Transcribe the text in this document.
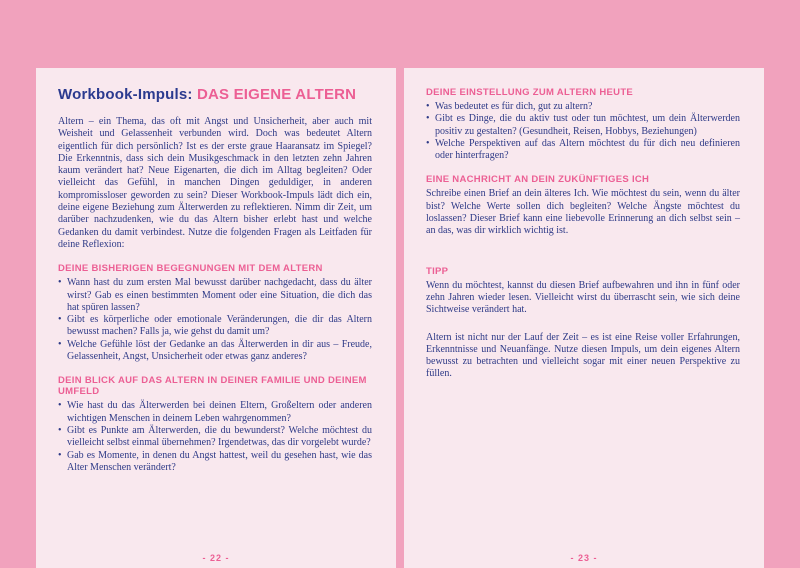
Workbook-Impuls: DAS EIGENE ALTERN

Altern – ein Thema, das oft mit Angst und Unsicherheit, aber auch mit Weisheit und Gelassenheit verbunden wird. Doch was bedeutet Altern eigentlich für dich persönlich? Ist es der erste graue Haaransatz im Spiegel? Die Erkenntnis, dass sich dein Musikgeschmack in den letzten zehn Jahren kaum verändert hat? Neue Eigenarten, die dich im Alltag begleiten? Oder vielleicht das Gefühl, in manchen Dingen geduldiger, in anderen kompromissloser geworden zu sein? Dieser Workbook-Impuls lädt dich ein, deine eigene Beziehung zum Älterwerden zu reflektieren. Nimm dir Zeit, um darüber nachzudenken, wie du das Altern bisher erlebt hast und welche Gedanken du damit verbindest. Nutze die folgenden Fragen als Leitfaden für deine Reflexion:

DEINE BISHERIGEN BEGEGNUNGEN MIT DEM ALTERN
• Wann hast du zum ersten Mal bewusst darüber nachgedacht, dass du älter wirst? Gab es einen bestimmten Moment oder eine Situation, die dich das hat spüren lassen?
• Gibt es körperliche oder emotionale Veränderungen, die dir das Altern bewusst machen? Falls ja, wie gehst du damit um?
• Welche Gefühle löst der Gedanke an das Älterwerden in dir aus – Freude, Gelassenheit, Angst, Unsicherheit oder etwas ganz anderes?
DEIN BLICK AUF DAS ALTERN IN DEINER FAMILIE UND DEINEM UMFELD
• Wie hast du das Älterwerden bei deinen Eltern, Großeltern oder anderen wichtigen Menschen in deinem Leben wahrgenommen?
• Gibt es Punkte am Älterwerden, die du bewunderst? Welche möchtest du vielleicht selbst einmal übernehmen? Irgendetwas, das dir vorgelebt wurde?
• Gab es Momente, in denen du Angst hattest, weil du gesehen hast, wie das Alter Menschen verändert?
- 22 -
DEINE EINSTELLUNG ZUM ALTERN HEUTE
• Was bedeutet es für dich, gut zu altern?
• Gibt es Dinge, die du aktiv tust oder tun möchtest, um dein Älterwerden positiv zu gestalten? (Gesundheit, Reisen, Hobbys, Beziehungen)
• Welche Perspektiven auf das Altern möchtest du für dich neu definieren oder hinterfragen?
EINE NACHRICHT AN DEIN ZUKÜNFTIGES ICH

Schreibe einen Brief an dein älteres Ich. Wie möchtest du sein, wenn du älter bist? Welche Werte sollen dich begleiten? Welche Ängste möchtest du loslassen? Dieser Brief kann eine liebevolle Erinnerung an dich selbst sein – an das, was dir wirklich wichtig ist.

TIPP

Wenn du möchtest, kannst du diesen Brief aufbewahren und ihn in fünf oder zehn Jahren wieder lesen. Vielleicht wirst du überrascht sein, wie sich deine Sichtweise verändert hat.

Altern ist nicht nur der Lauf der Zeit – es ist eine Reise voller Erfahrungen, Erkenntnisse und Neuanfänge. Nutze diesen Impuls, um dein eigenes Altern bewusst zu betrachten und vielleicht sogar mit einer neuen Perspektive zu füllen.

- 23 -
